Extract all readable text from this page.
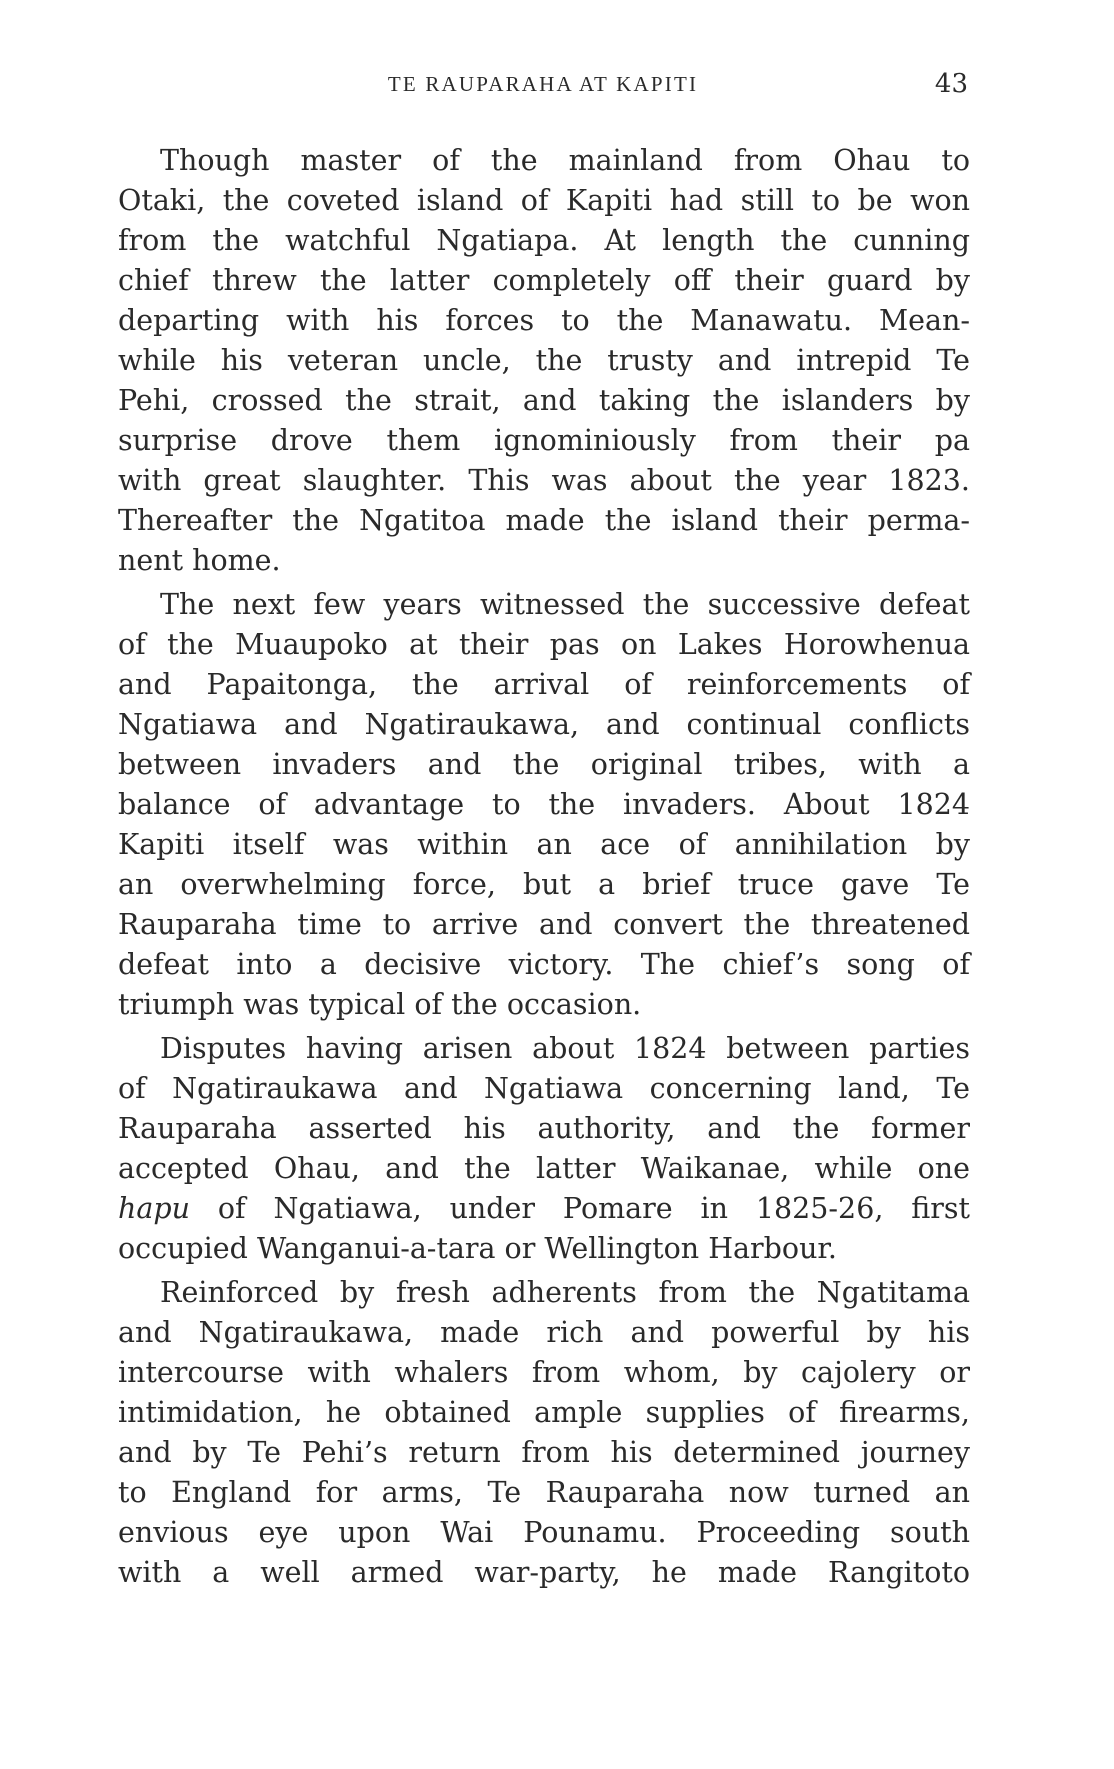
TE RAUPARAHA AT KAPITI	43
Though master of the mainland from Ohau to
Otaki, the coveted island of Kapiti had still to be won
from the watchful Ngatiapa. At length the cunning
chief threw the latter completely off their guard by
departing with his forces to the Manawatu. Mean-
while his veteran uncle, the trusty and intrepid Te
Pehi, crossed the strait, and taking the islanders by
surprise drove them ignominiously from their pa
with great slaughter. This was about the year 1823.
Thereafter the Ngatitoa made the island their perma-
nent home.
The next few years witnessed the successive defeat
of the Muaupoko at their pas on Lakes Horowhenua
and Papaitonga, the arrival of reinforcements of
Ngatiawa and Ngatiraukawa, and continual conflicts
between invaders and the original tribes, with a
balance of advantage to the invaders. About 1824
Kapiti itself was within an ace of annihilation by
an overwhelming force, but a brief truce gave Te
Rauparaha time to arrive and convert the threatened
defeat into a decisive victory. The chief’s song of
triumph was typical of the occasion.
Disputes having arisen about 1824 between parties
of Ngatiraukawa and Ngatiawa concerning land, Te
Rauparaha asserted his authority, and the former
accepted Ohau, and the latter Waikanae, while one
hapu of Ngatiawa, under Pomare in 1825-26, first
occupied Wanganui-a-tara or Wellington Harbour.
Reinforced by fresh adherents from the Ngatitama
and Ngatiraukawa, made rich and powerful by his
intercourse with whalers from whom, by cajolery or
intimidation, he obtained ample supplies of firearms,
and by Te Pehi’s return from his determined journey
to England for arms, Te Rauparaha now turned an
envious eye upon Wai Pounamu. Proceeding south
with a well armed war-party, he made Rangitoto
